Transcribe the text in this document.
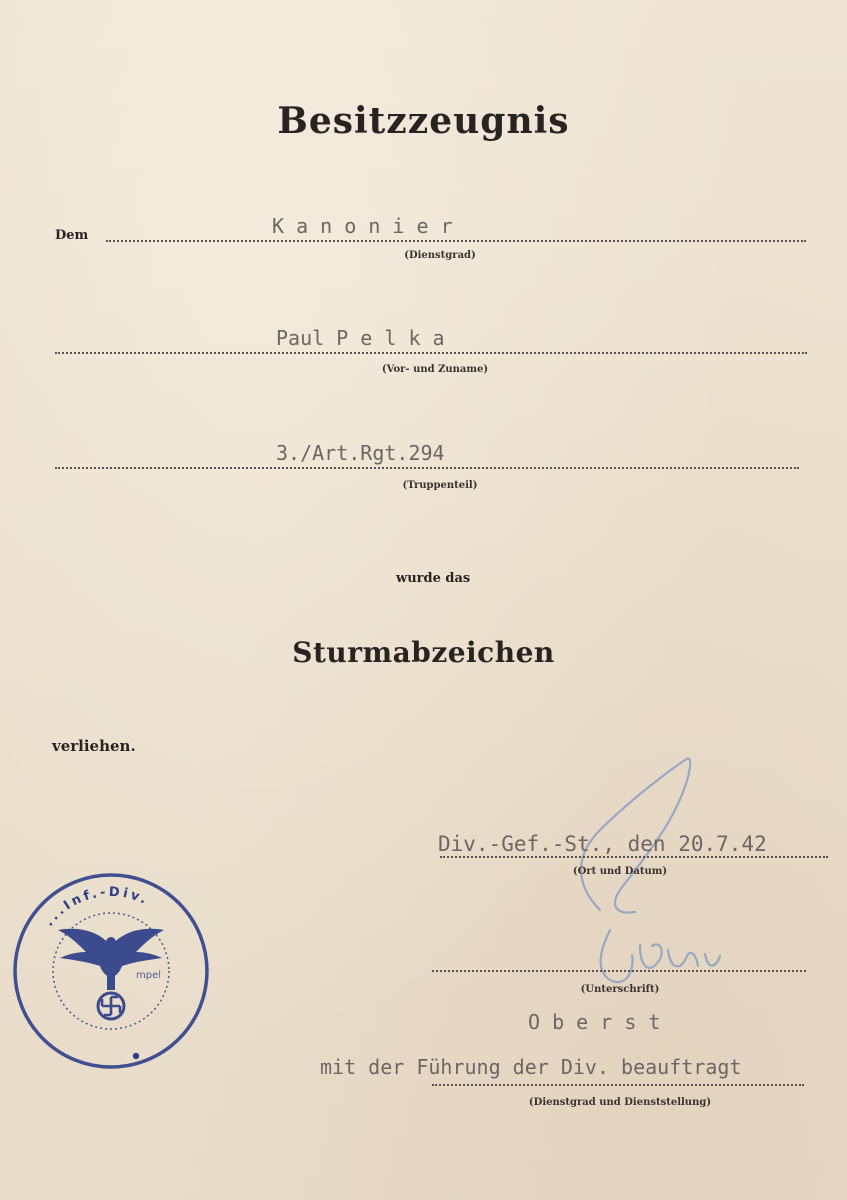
Besitzzeugnis
Dem	K a n o n i e r
(Dienstgrad)
Paul P e l k a
(Vor- und Zuname)
3./Art.Rgt.294
(Truppenteil)
wurde das
Sturmabzeichen
verliehen.
Div.-Gef.-St., den 20.7.42
(Ort und Datum)
(Unterschrift)
O b e r s t
mit der Führung der Div. beauftragt
(Dienstgrad und Dienststellung)
...Inf.-Div.
mpel
